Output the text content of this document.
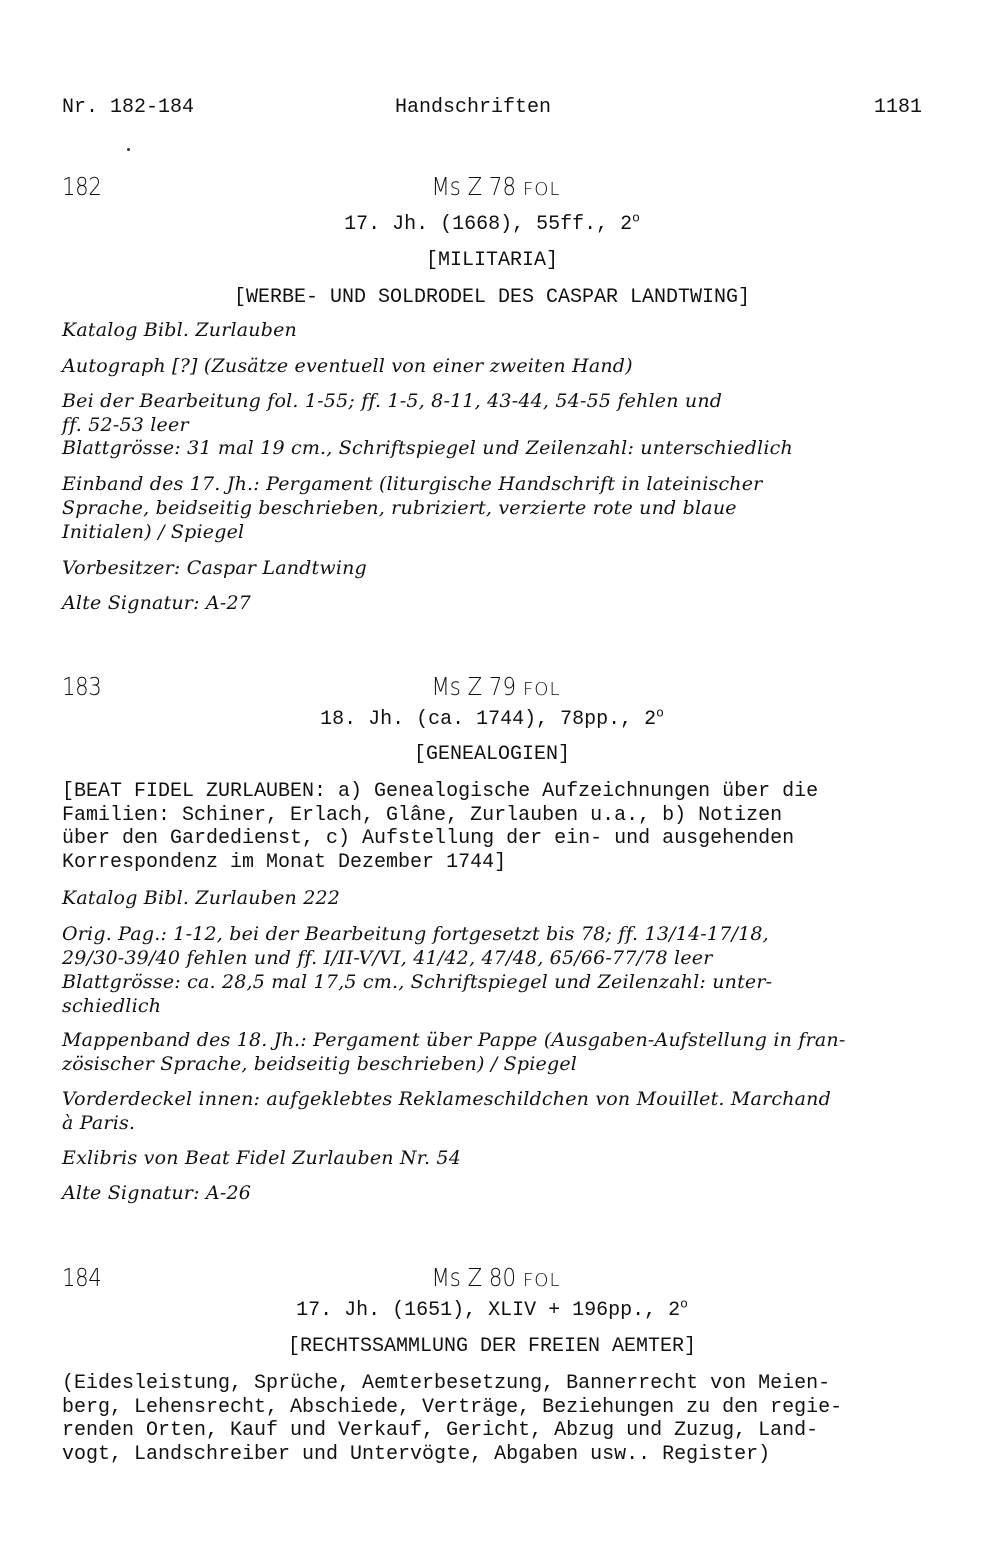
Nr. 182-184	Handschriften	1181
182	Ms Z 78 FOL
17. Jh. (1668), 55ff., 2$^o$
[MILITARIA]
[WERBE- UND SOLDRODEL DES CASPAR LANDTWING]
Katalog Bibl. Zurlauben
Autograph [?] (Zusätze eventuell von einer zweiten Hand)
Bei der Bearbeitung fol. 1-55; ff. 1-5, 8-11, 43-44, 54-55 fehlen und
ff. 52-53 leer
Blattgrösse: 31 mal 19 cm., Schriftspiegel und Zeilenzahl: unterschiedlich
Einband des 17. Jh.: Pergament (liturgische Handschrift in lateinischer
Sprache, beidseitig beschrieben, rubriziert, verzierte rote und blaue
Initialen) / Spiegel
Vorbesitzer: Caspar Landtwing
Alte Signatur: A-27
183	Ms Z 79 FOL
18. Jh. (ca. 1744), 78pp., 2$^o$
[GENEALOGIEN]
[BEAT FIDEL ZURLAUBEN: a) Genealogische Aufzeichnungen über die
Familien: Schiner, Erlach, Glâne, Zurlauben u.a., b) Notizen
über den Gardedienst, c) Aufstellung der ein- und ausgehenden
Korrespondenz im Monat Dezember 1744]
Katalog Bibl. Zurlauben 222
Orig. Pag.: 1-12, bei der Bearbeitung fortgesetzt bis 78; ff. 13/14-17/18,
29/30-39/40 fehlen und ff. I/II-V/VI, 41/42, 47/48, 65/66-77/78 leer
Blattgrösse: ca. 28,5 mal 17,5 cm., Schriftspiegel und Zeilenzahl: unter-
schiedlich
Mappenband des 18. Jh.: Pergament über Pappe (Ausgaben-Aufstellung in fran-
zösischer Sprache, beidseitig beschrieben) / Spiegel
Vorderdeckel innen: aufgeklebtes Reklameschildchen von Mouillet. Marchand
à Paris.
Exlibris von Beat Fidel Zurlauben Nr. 54
Alte Signatur: A-26
184	Ms Z 80 FOL
17. Jh. (1651), XLIV + 196pp., 2$^o$
[RECHTSSAMMLUNG DER FREIEN AEMTER]
(Eidesleistung, Sprüche, Aemterbesetzung, Bannerrecht von Meien-
berg, Lehensrecht, Abschiede, Verträge, Beziehungen zu den regie-
renden Orten, Kauf und Verkauf, Gericht, Abzug und Zuzug, Land-
vogt, Landschreiber und Untervögte, Abgaben usw.. Register)
